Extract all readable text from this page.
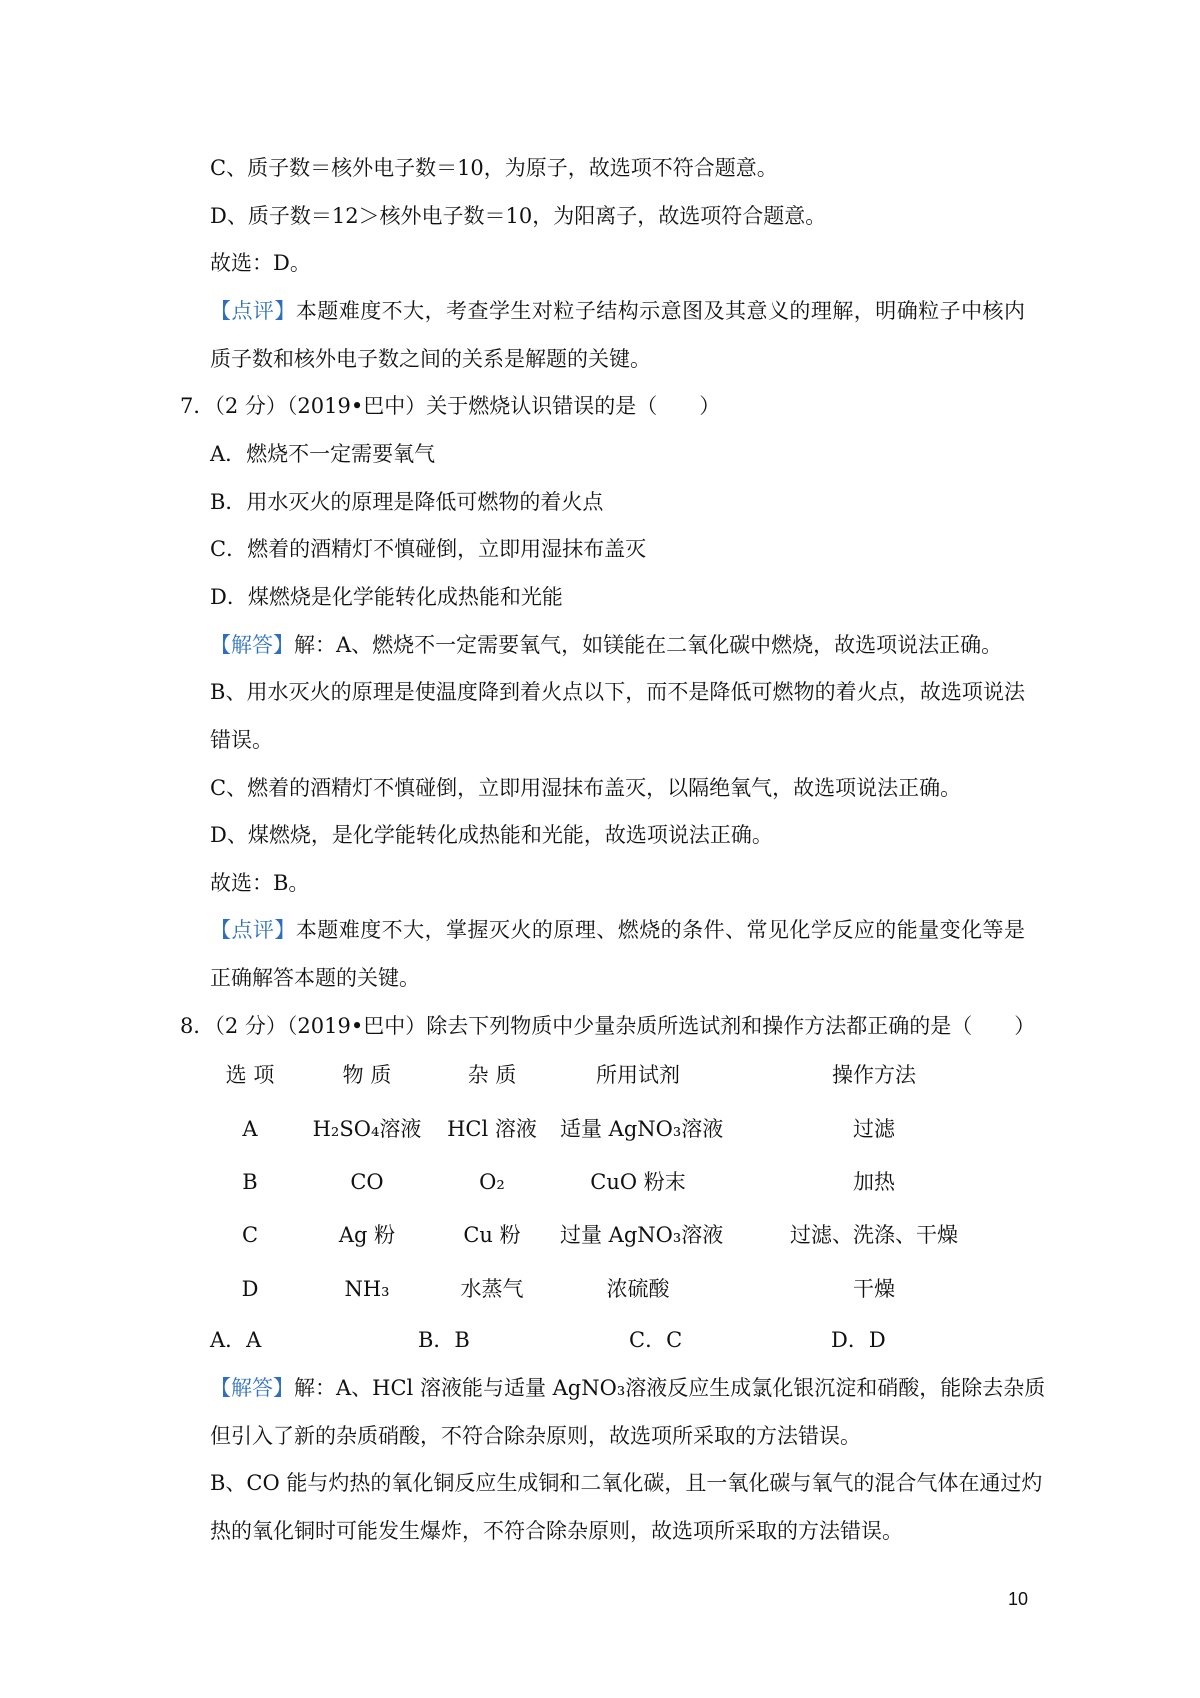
C、质子数＝核外电子数＝10，为原子，故选项不符合题意。
D、质子数＝12＞核外电子数＝10，为阳离子，故选项符合题意。
故选：D。
【点评】本题难度不大，考查学生对粒子结构示意图及其意义的理解，明确粒子中核内
质子数和核外电子数之间的关系是解题的关键。
7．（2 分）（2019•巴中）关于燃烧认识错误的是（　　）
A．燃烧不一定需要氧气
B．用水灭火的原理是降低可燃物的着火点
C．燃着的酒精灯不慎碰倒，立即用湿抹布盖灭
D．煤燃烧是化学能转化成热能和光能
【解答】解：A、燃烧不一定需要氧气，如镁能在二氧化碳中燃烧，故选项说法正确。
B、用水灭火的原理是使温度降到着火点以下，而不是降低可燃物的着火点，故选项说法
错误。
C、燃着的酒精灯不慎碰倒，立即用湿抹布盖灭，以隔绝氧气，故选项说法正确。
D、煤燃烧，是化学能转化成热能和光能，故选项说法正确。
故选：B。
【点评】本题难度不大，掌握灭火的原理、燃烧的条件、常见化学反应的能量变化等是
正确解答本题的关键。
8．（2 分）（2019•巴中）除去下列物质中少量杂质所选试剂和操作方法都正确的是（　　）
选 项	物 质	杂 质	所用试剂	操作方法
A	H₂SO₄溶液	HCl 溶液	适量 AgNO₃溶液	过滤
B	CO	O₂	CuO 粉末	加热
C	Ag 粉	Cu 粉	过量 AgNO₃溶液	过滤、洗涤、干燥
D	NH₃	水蒸气	浓硫酸	干燥
A．A	B．B	C．C	D．D
【解答】解：A、HCl 溶液能与适量 AgNO₃溶液反应生成氯化银沉淀和硝酸，能除去杂质
但引入了新的杂质硝酸，不符合除杂原则，故选项所采取的方法错误。
B、CO 能与灼热的氧化铜反应生成铜和二氧化碳，且一氧化碳与氧气的混合气体在通过灼
热的氧化铜时可能发生爆炸，不符合除杂原则，故选项所采取的方法错误。
10
